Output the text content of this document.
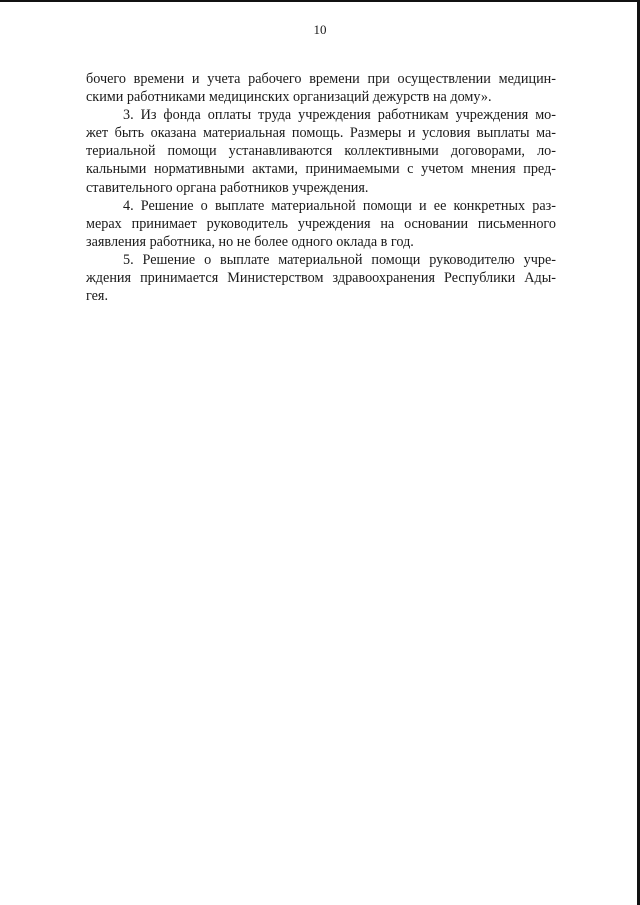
10
бочего времени и учета рабочего времени при осуществлении медицин-
скими работниками медицинских организаций дежурств на дому».
3. Из фонда оплаты труда учреждения работникам учреждения мо-
жет быть оказана материальная помощь. Размеры и условия выплаты ма-
териальной помощи устанавливаются коллективными договорами, ло-
кальными нормативными актами, принимаемыми с учетом мнения пред-
ставительного органа работников учреждения.
4. Решение о выплате материальной помощи и ее конкретных раз-
мерах принимает руководитель учреждения на основании письменного
заявления работника, но не более одного оклада в год.
5. Решение о выплате материальной помощи руководителю учре-
ждения принимается Министерством здравоохранения Республики Ады-
гея.
